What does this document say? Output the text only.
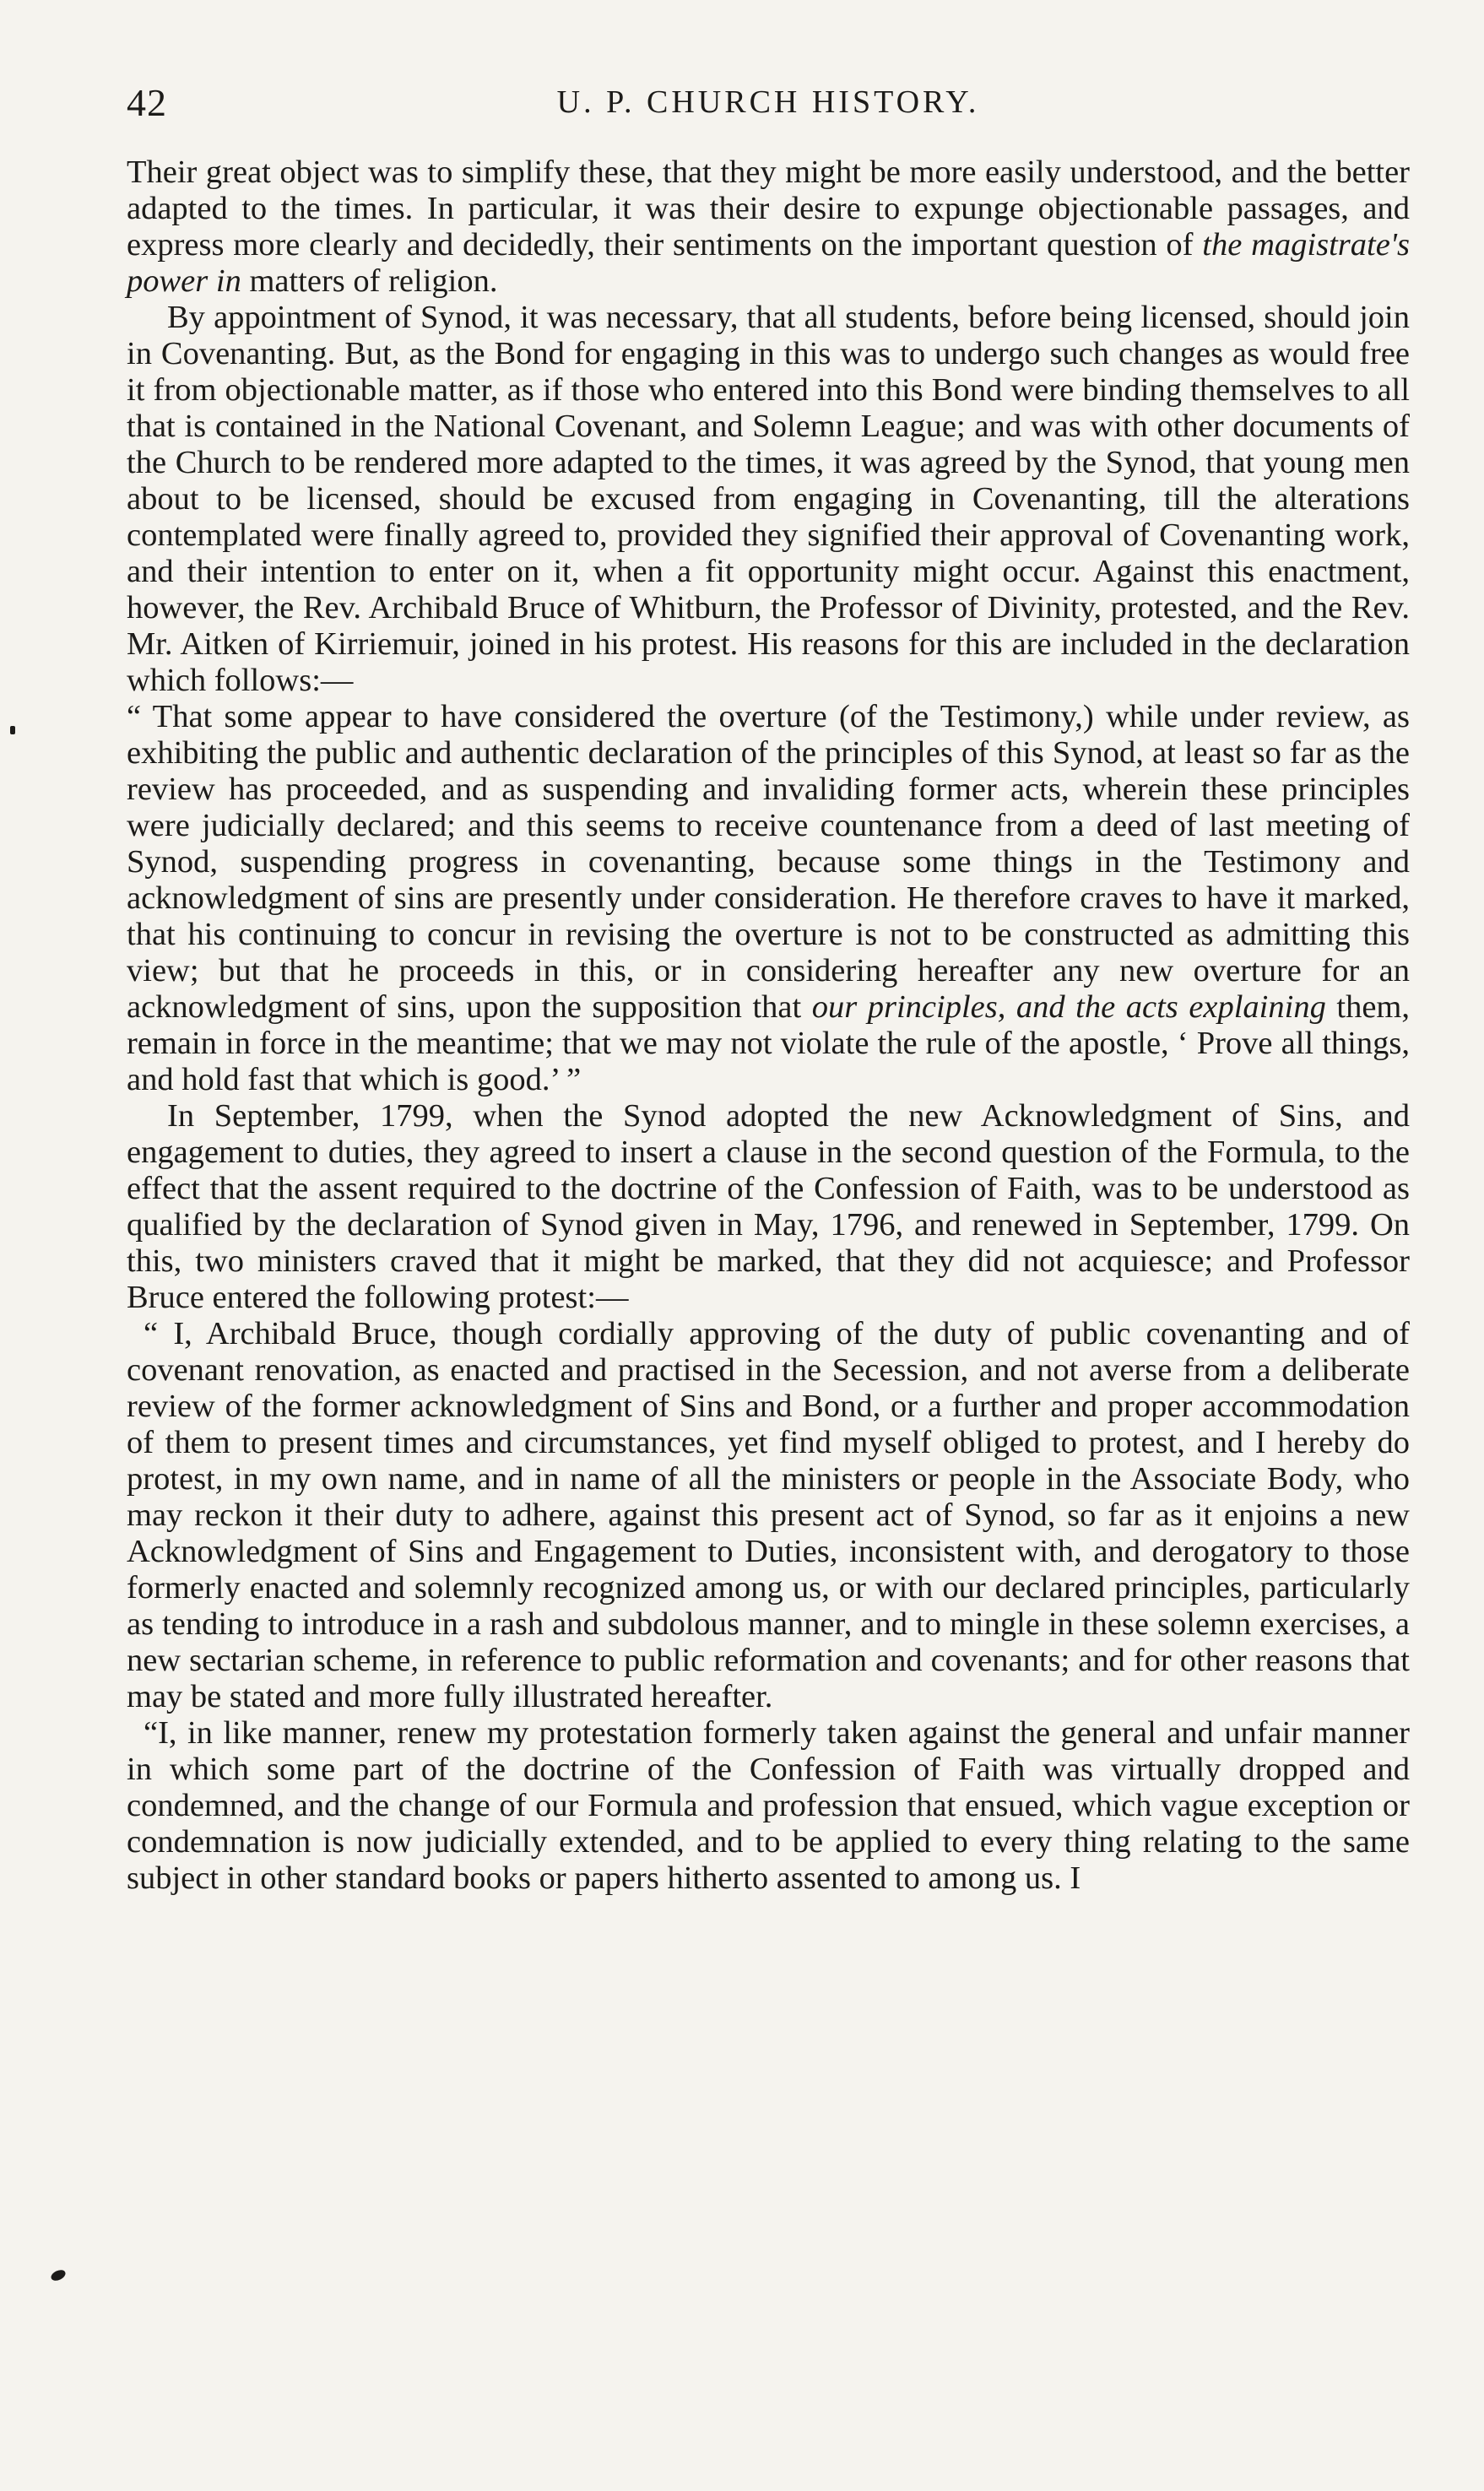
42	U. P. CHURCH HISTORY.

Their great object was to simplify these, that they might be more easily understood, and the better adapted to the times. In particular, it was their desire to expunge objectionable passages, and express more clearly and decidedly, their sentiments on the important question of the magistrate's power in matters of religion.

By appointment of Synod, it was necessary, that all students, before being licensed, should join in Covenanting. But, as the Bond for engaging in this was to undergo such changes as would free it from objectionable matter, as if those who entered into this Bond were binding themselves to all that is contained in the National Covenant, and Solemn League; and was with other documents of the Church to be rendered more adapted to the times, it was agreed by the Synod, that young men about to be licensed, should be excused from engaging in Covenanting, till the alterations contemplated were finally agreed to, provided they signified their approval of Covenanting work, and their intention to enter on it, when a fit opportunity might occur. Against this enactment, however, the Rev. Archibald Bruce of Whitburn, the Professor of Divinity, protested, and the Rev. Mr. Aitken of Kirriemuir, joined in his protest. His reasons for this are included in the declaration which follows:—

“ That some appear to have considered the overture (of the Testimony,) while under review, as exhibiting the public and authentic declaration of the principles of this Synod, at least so far as the review has proceeded, and as suspending and invaliding former acts, wherein these principles were judicially declared; and this seems to receive countenance from a deed of last meeting of Synod, suspending progress in covenanting, because some things in the Testimony and acknowledgment of sins are presently under consideration. He therefore craves to have it marked, that his continuing to concur in revising the overture is not to be constructed as admitting this view; but that he proceeds in this, or in considering hereafter any new overture for an acknowledgment of sins, upon the supposition that our principles, and the acts explaining them, remain in force in the meantime; that we may not violate the rule of the apostle, ‘ Prove all things, and hold fast that which is good.’ ”

In September, 1799, when the Synod adopted the new Acknowledgment of Sins, and engagement to duties, they agreed to insert a clause in the second question of the Formula, to the effect that the assent required to the doctrine of the Confession of Faith, was to be understood as qualified by the declaration of Synod given in May, 1796, and renewed in September, 1799. On this, two ministers craved that it might be marked, that they did not acquiesce; and Professor Bruce entered the following protest:—

“ I, Archibald Bruce, though cordially approving of the duty of public covenanting and of covenant renovation, as enacted and practised in the Secession, and not averse from a deliberate review of the former acknowledgment of Sins and Bond, or a further and proper accommodation of them to present times and circumstances, yet find myself obliged to protest, and I hereby do protest, in my own name, and in name of all the ministers or people in the Associate Body, who may reckon it their duty to adhere, against this present act of Synod, so far as it enjoins a new Acknowledgment of Sins and Engagement to Duties, inconsistent with, and derogatory to those formerly enacted and solemnly recognized among us, or with our declared principles, particularly as tending to introduce in a rash and subdolous manner, and to mingle in these solemn exercises, a new sectarian scheme, in reference to public reformation and covenants; and for other reasons that may be stated and more fully illustrated hereafter.

“I, in like manner, renew my protestation formerly taken against the general and unfair manner in which some part of the doctrine of the Confession of Faith was virtually dropped and condemned, and the change of our Formula and profession that ensued, which vague exception or condemnation is now judicially extended, and to be applied to every thing relating to the same subject in other standard books or papers hitherto assented to among us. I
